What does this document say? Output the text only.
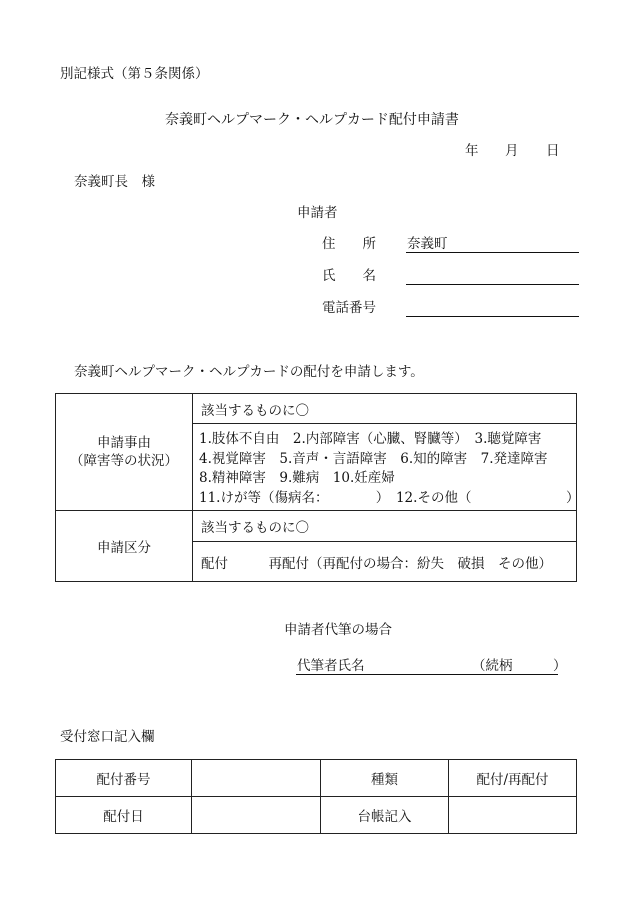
別記様式（第５条関係）
奈義町ヘルプマーク・ヘルプカード配付申請書
年 月 日
奈義町長　様
申請者
住　　所 奈義町
氏　　名
電話番号
奈義町ヘルプマーク・ヘルプカードの配付を申請します。
申請事由
（障害等の状況）	該当するものに〇

	1.肢体不自由　2.内部障害（心臓、腎臓等）　3.聴覚障害
4.視覚障害　5.音声・言語障害　6.知的障害　7.発達障害
8.精神障害　9.難病　10.妊産婦
11.けが等（傷病名：　　　　）　12.その他（　　　　　　　）

申請区分	該当するものに〇
	配付　　　再配付（再配付の場合：紛失　破損　その他）
申請者代筆の場合
代筆者氏名	（続柄　　　）
受付窓口記入欄
配付番号		種類	配付/再配付
配付日		台帳記入	
